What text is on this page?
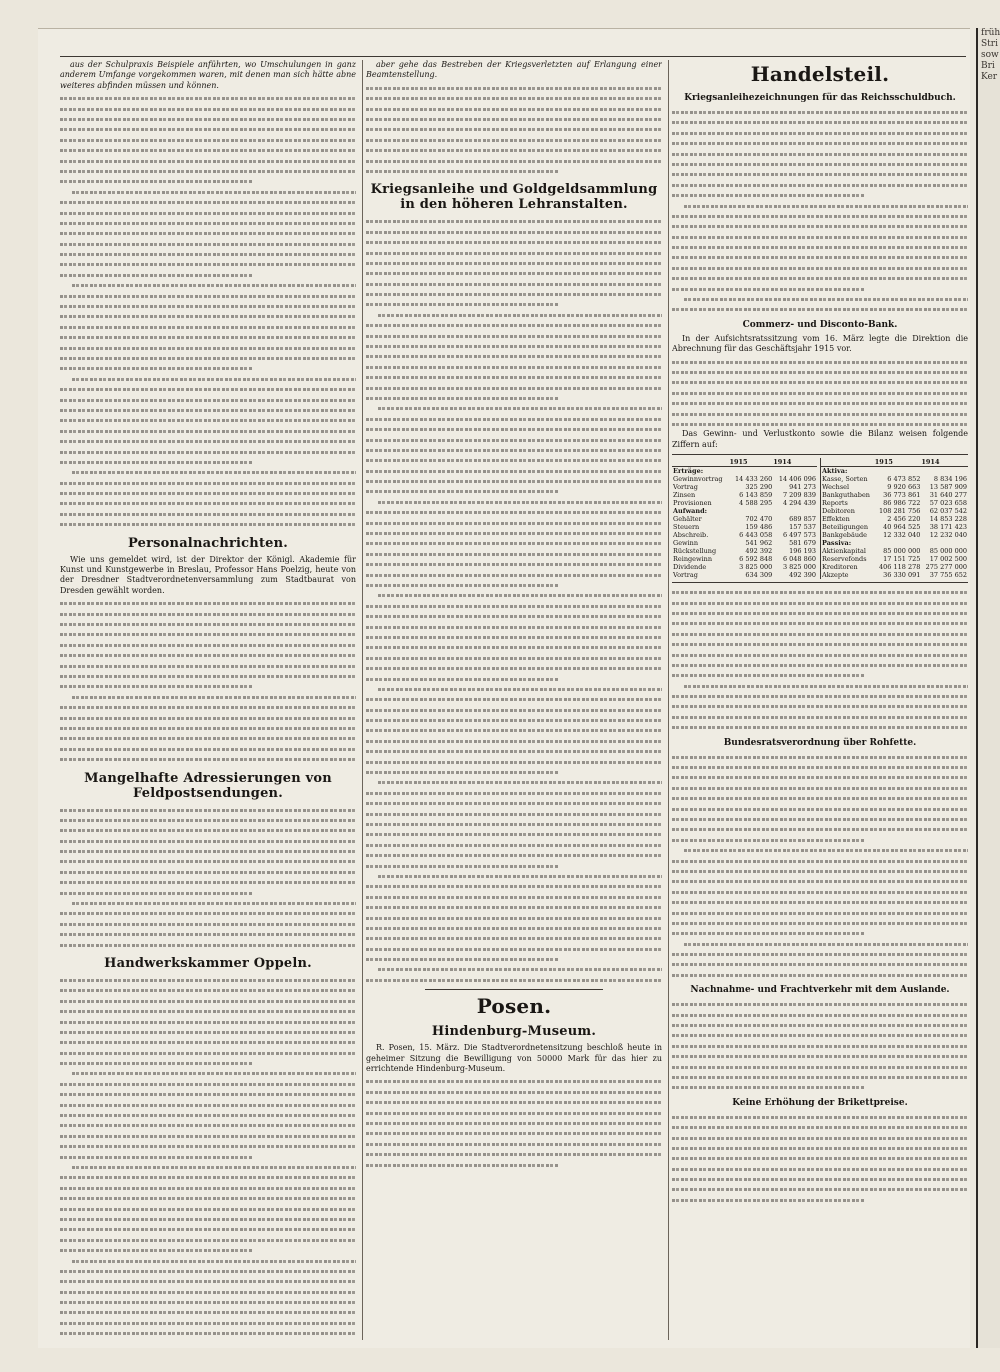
aus der Schulpraxis Beispiele anführten, wo Umschulungen in ganz anderem Umfange vorgekommen waren, mit denen man sich hätte abne weiteres abfinden müssen und können.

Personalnachrichten.

Wie uns gemeldet wird, ist der Direktor der Königl. Akademie für Kunst und Kunstgewerbe in Breslau, Professor Hans Poelzig, heute von der Dresdner Stadtverordnetenversammlung zum Stadtbaurat von Dresden gewählt worden.

Mangelhafte Adressierungen von Feldpostsendungen.
Handwerkskammer Oppeln.

aber gehe das Bestreben der Kriegsverletzten auf Erlangung einer Beamtenstellung.

Kriegsanleihe und Goldgeldsammlung in den höheren Lehranstalten.
Posen.
Hindenburg-Museum.

R. Posen, 15. März. Die Stadtverordnetensitzung beschloß heute in geheimer Sitzung die Bewilligung von 50000 Mark für das hier zu errichtende Hindenburg-Museum.

Handelsteil.
Kriegsanleihezeichnungen für das Reichsschuldbuch.
Commerz- und Disconto-Bank.

In der Aufsichtsratssitzung vom 16. März legte die Direktion die Abrechnung für das Geschäftsjahr 1915 vor.

Das Gewinn- und Verlustkonto sowie die Bilanz weisen folgende Ziffern auf:

	1915	1914
Erträge:		
Gewinnvortrag	14 433 260	14 406 096
Vortrag	325 290	941 273
Zinsen	6 143 859	7 209 839
Provisionen	4 588 295	4 294 439
Aufwand:		
Gehälter	702 470	689 857
Steuern	159 486	157 537
Abschreib.	6 443 058	6 497 573
Gewinn	541 962	581 679
Rückstellung	492 392	196 193
Reingewinn	6 592 848	6 048 860
Dividende	3 825 000	3 825 000
Vortrag	634 309	492 390
	1915	1914
Aktiva:		
Kasse, Sorten	6 473 852	8 834 196
Wechsel	9 920 663	13 587 909
Bankguthaben	36 773 861	31 640 277
Reports	86 986 722	57 023 658
Debitoren	108 281 756	62 037 542
Effekten	2 456 220	14 853 228
Beteiligungen	40 964 525	38 171 423
Bankgebäude	12 332 040	12 232 040
Passiva:		
Aktienkapital	85 000 000	85 000 000
Reservefonds	17 151 725	17 002 500
Kreditoren	406 118 278	275 277 000
Akzepte	36 330 091	37 755 652
Bundesratsverordnung über Rohfette.
Nachnahme- und Frachtverkehr mit dem Auslande.
Keine Erhöhung der Brikettpreise.
früh Stri sow Bri Ker
